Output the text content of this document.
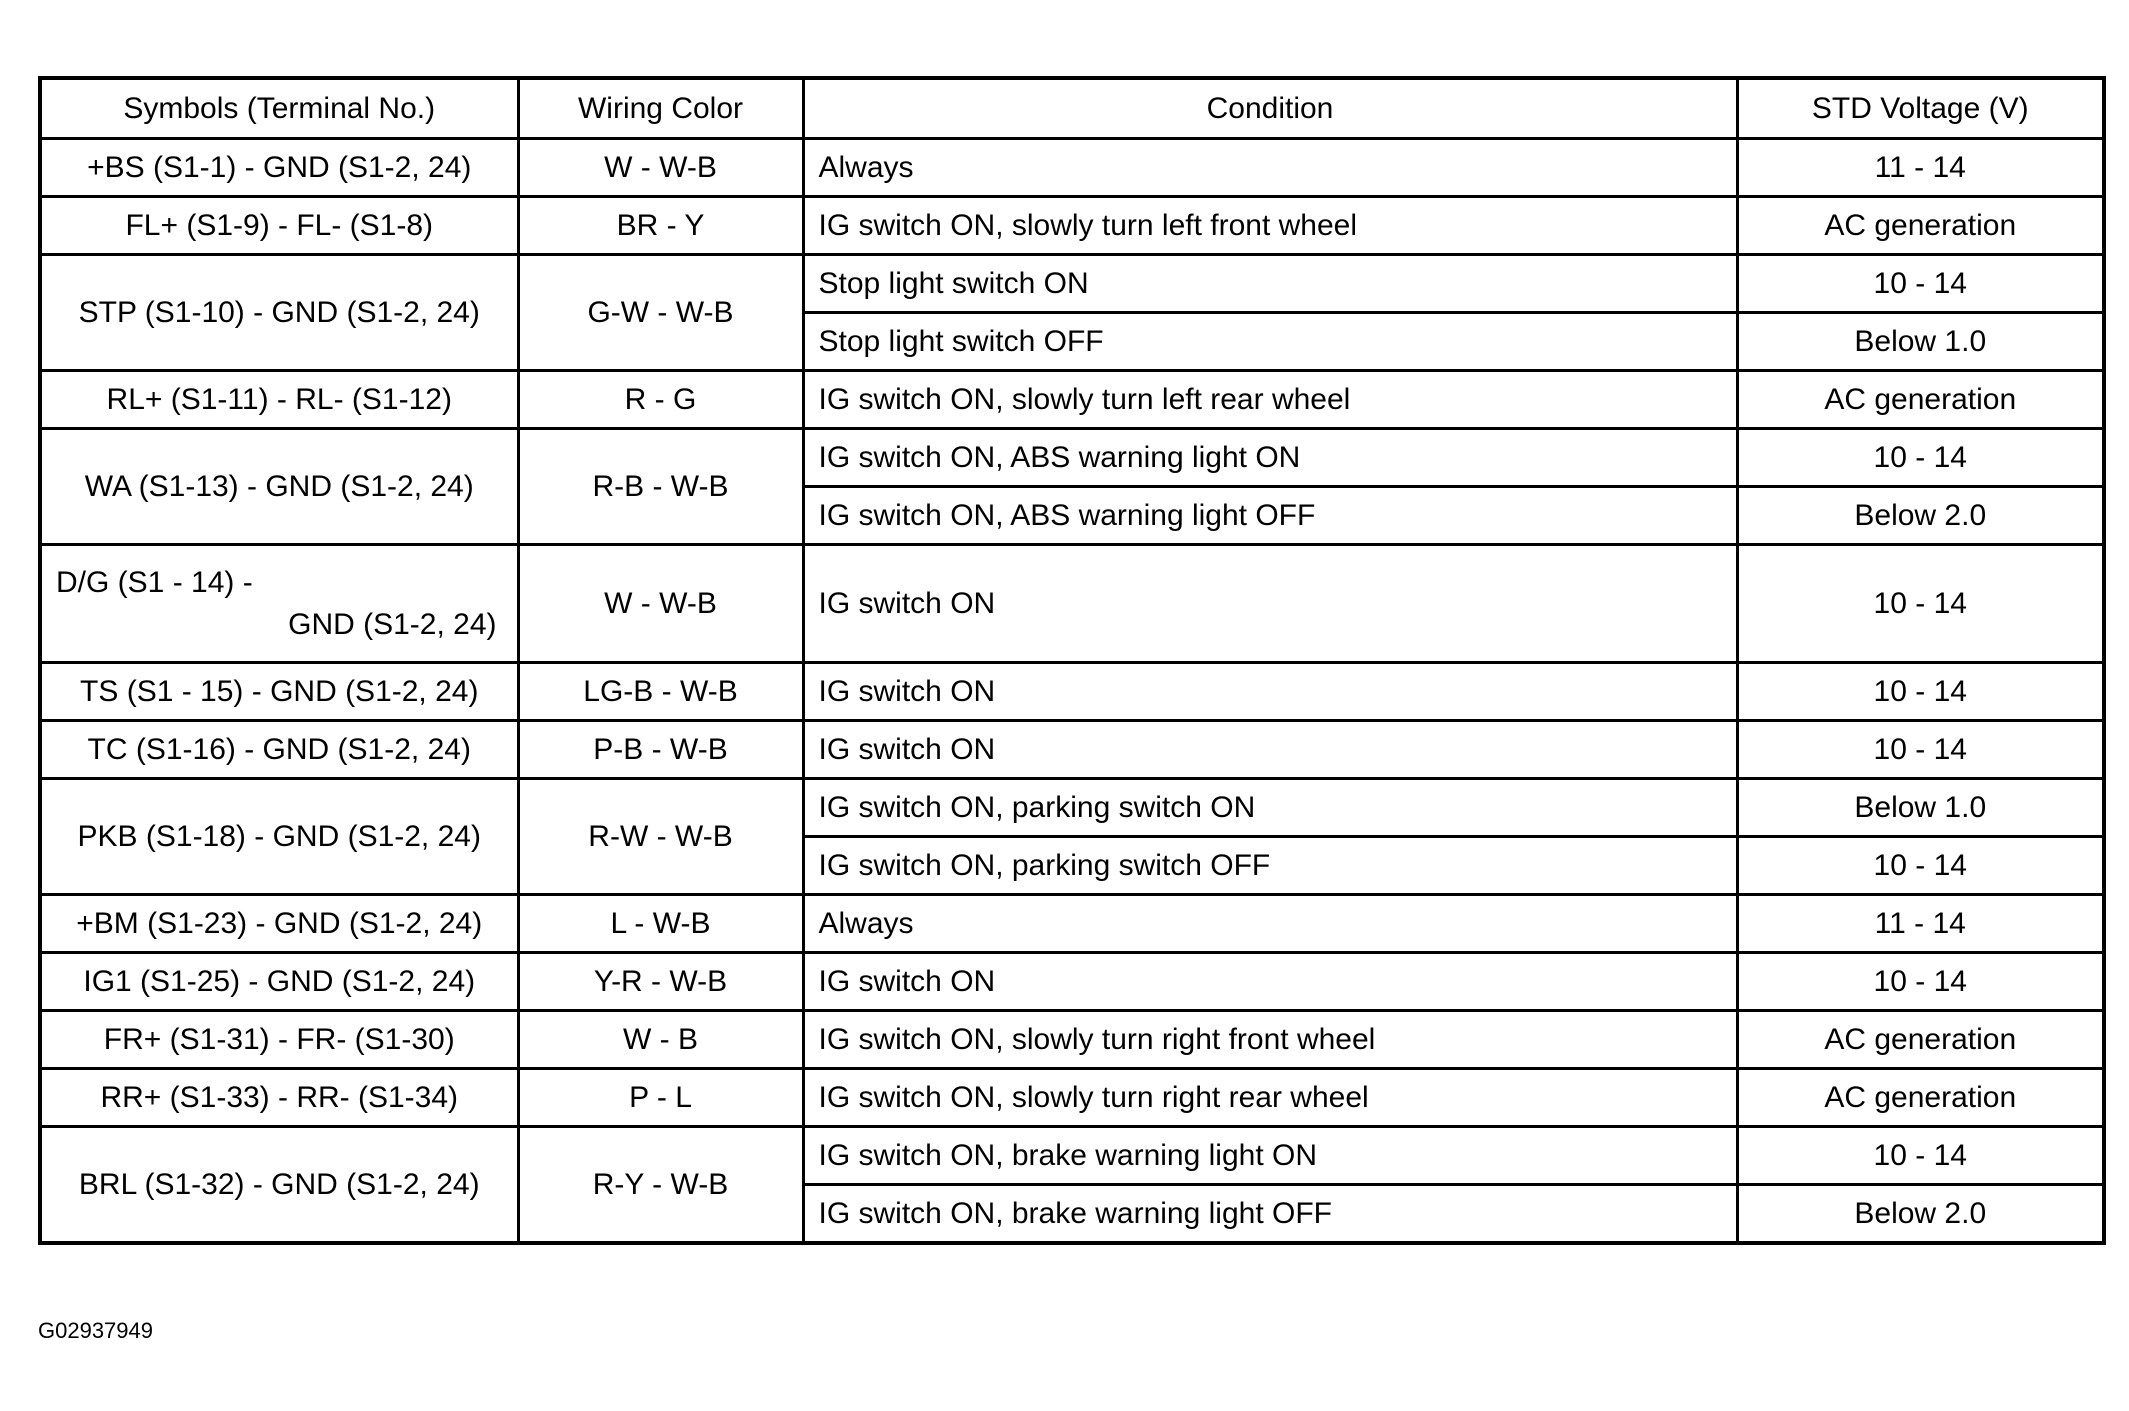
Symbols (Terminal No.)	Wiring Color	Condition	STD Voltage (V)
+BS (S1-1) - GND (S1-2, 24)	W - W-B	Always	11 - 14
FL+ (S1-9) - FL- (S1-8)	BR - Y	IG switch ON, slowly turn left front wheel	AC generation
STP (S1-10) - GND (S1-2, 24)	G-W - W-B	Stop light switch ON	10 - 14
		Stop light switch OFF	Below 1.0
RL+ (S1-11) - RL- (S1-12)	R - G	IG switch ON, slowly turn left rear wheel	AC generation
WA (S1-13) - GND (S1-2, 24)	R-B - W-B	IG switch ON, ABS warning light ON	10 - 14
		IG switch ON, ABS warning light OFF	Below 2.0

D/G (S1 - 14) -
GND (S1-2, 24)	W - W-B	IG switch ON	10 - 14
TS (S1 - 15) - GND (S1-2, 24)	LG-B - W-B	IG switch ON	10 - 14
TC (S1-16) - GND (S1-2, 24)	P-B - W-B	IG switch ON	10 - 14
PKB (S1-18) - GND (S1-2, 24)	R-W - W-B	IG switch ON, parking switch ON	Below 1.0
		IG switch ON, parking switch OFF	10 - 14
+BM (S1-23) - GND (S1-2, 24)	L - W-B	Always	11 - 14
IG1 (S1-25) - GND (S1-2, 24)	Y-R - W-B	IG switch ON	10 - 14
FR+ (S1-31) - FR- (S1-30)	W - B	IG switch ON, slowly turn right front wheel	AC generation
RR+ (S1-33) - RR- (S1-34)	P - L	IG switch ON, slowly turn right rear wheel	AC generation
BRL (S1-32) - GND (S1-2, 24)	R-Y - W-B	IG switch ON, brake warning light ON	10 - 14
		IG switch ON, brake warning light OFF	Below 2.0
G02937949
